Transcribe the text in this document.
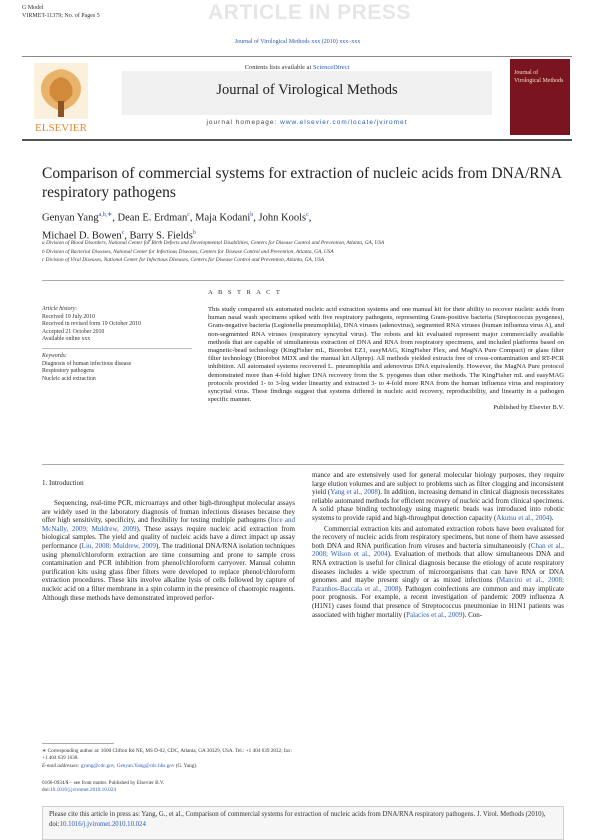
G Model
VIRMET-11379; No. of Pages 5	ARTICLE IN PRESS
Journal of Virological Methods xxx (2010) xxx–xxx
ELSEVIER
Contents lists available at ScienceDirect
Journal of Virological Methods
journal homepage: www.elsevier.com/locate/jviromet
Journal of Virological Methods
Comparison of commercial systems for extraction of nucleic acids from DNA/RNA respiratory pathogens
Genyan Yang$^{a,b,∗}$, Dean E. Erdman$^c$, Maja Kodani$^b$, John Kools$^c$,
Michael D. Bowen$^c$, Barry S. Fields$^b$
a Division of Blood Disorders, National Center for Birth Defects and Developmental Disabilities, Centers for Disease Control and Prevention, Atlanta, GA, USA
b Division of Bacterial Diseases, National Center for Infectious Diseases, Centers for Disease Control and Prevention, Atlanta, GA, USA
c Division of Viral Diseases, National Center for Infectious Diseases, Centers for Disease Control and Prevention, Atlanta, GA, USA
Article history:
Received 19 July 2010
Received in revised form 19 October 2010
Accepted 21 October 2010
Available online xxx
Keywords:
Diagnosis of human infectious disease
Respiratory pathogens
Nucleic acid extraction
A B S T R A C T
This study compared six automated nucleic acid extraction systems and one manual kit for their ability to recover nucleic acids from human nasal wash specimens spiked with five respiratory pathogens, representing Gram-positive bacteria (Streptococcus pyogenes), Gram-negative bacteria (Legionella pneumophila), DNA viruses (adenovirus), segmented RNA viruses (human influenza virus A), and non-segmented RNA viruses (respiratory syncytial virus). The robots and kit evaluated represent major commercially available methods that are capable of simultaneous extraction of DNA and RNA from respiratory specimens, and included platforms based on magnetic-bead technology (KingFisher mL, Biorobot EZ1, easyMAG, KingFisher Flex, and MagNA Pure Compact) or glass filter filter technology (Biorobot MDX and the manual kit Allprep). All methods yielded extracts free of cross-contamination and RT-PCR inhibition. All automated systems recovered L. pneumophila and adenovirus DNA equivalently. However, the MagNA Pure protocol demonstrated more than 4-fold higher DNA recovery from the S. pyogenes than other methods. The KingFisher mL and easyMAG protocols provided 1- to 3-log wider linearity and extracted 3- to 4-fold more RNA from the human influenza virus and respiratory syncytial virus. These findings suggest that systems differed in nucleic acid recovery, reproducibility, and linearity in a pathogen specific manner.
Published by Elsevier B.V.
1. Introduction

Sequencing, real-time PCR, microarrays and other high-throughput molecular assays are widely used in the laboratory diagnosis of human infectious diseases because they offer high sensitivity, specificity, and flexibility for testing multiple pathogens (Ince and McNally, 2009; Muldrew, 2009). These assays require nucleic acid extraction from biological samples. The yield and quality of nucleic acids have a direct impact up assay performance (Liu, 2008; Muldrew, 2009). The traditional DNA/RNA isolation techniques using phenol/chloroform extraction are time consuming and prone to sample cross contamination and PCR inhibition from phenol/chloroform carryover. Manual column purification kits using glass fiber filters were developed to replace phenol/chloroform extraction procedures. These kits involve alkaline lysis of cells followed by capture of nucleic acid on a filter membrane in a spin column in the presence of chaotropic reagents. Although these methods have demonstrated improved perfor-

mance and are extensively used for general molecular biology purposes, they require large elution volumes and are subject to problems such as filter clogging and inconsistent yield (Yang et al., 2008). In addition, increasing demand in clinical diagnosis necessitates reliable automated methods for efficient recovery of nucleic acid from clinical specimens. A solid phase binding technology using magnetic beads was introduced into robotic systems to provide rapid and high-throughput detection capacity (Akutsu et al., 2004).

Commercial extraction kits and automated extraction robots have been evaluated for the recovery of nucleic acids from respiratory specimens, but none of them have assessed both DNA and RNA purification from viruses and bacteria simultaneously (Chan et al., 2008; Wilson et al., 2004). Evaluation of methods that allow simultaneous DNA and RNA extraction is useful for clinical diagnosis because the etiology of acute respiratory diseases includes a wide spectrum of microorganisms that can have RNA or DNA genomes and maybe present singly or as mixed infections (Mancini et al., 2008; Paranhos-Baccala et al., 2008). Pathogen coinfections are common and may implicate poor prognosis. For example, a recent investigation of pandemic 2009 influenza A (H1N1) cases found that presence of Streptococcus pneumoniae in H1N1 patients was associated with higher mortality (Palacios et al., 2009). Con-

∗ Corresponding author at: 1600 Clifton Rd NE, MS D-02, CDC, Atlanta, GA 30329, USA. Tel.: +1 404 639 2832; fax: +1 404 639 1638.
E-mail addresses: gyang@cdc.gov, Genyan.Yang@cdc.hhs.gov (G. Yang).
0166-0934/$ – see front matter. Published by Elsevier B.V.
doi:10.1016/j.jviromet.2010.10.024
Please cite this article in press as: Yang, G., et al., Comparison of commercial systems for extraction of nucleic acids from DNA/RNA respiratory pathogens. J. Virol. Methods (2010), doi:10.1016/j.jviromet.2010.10.024
